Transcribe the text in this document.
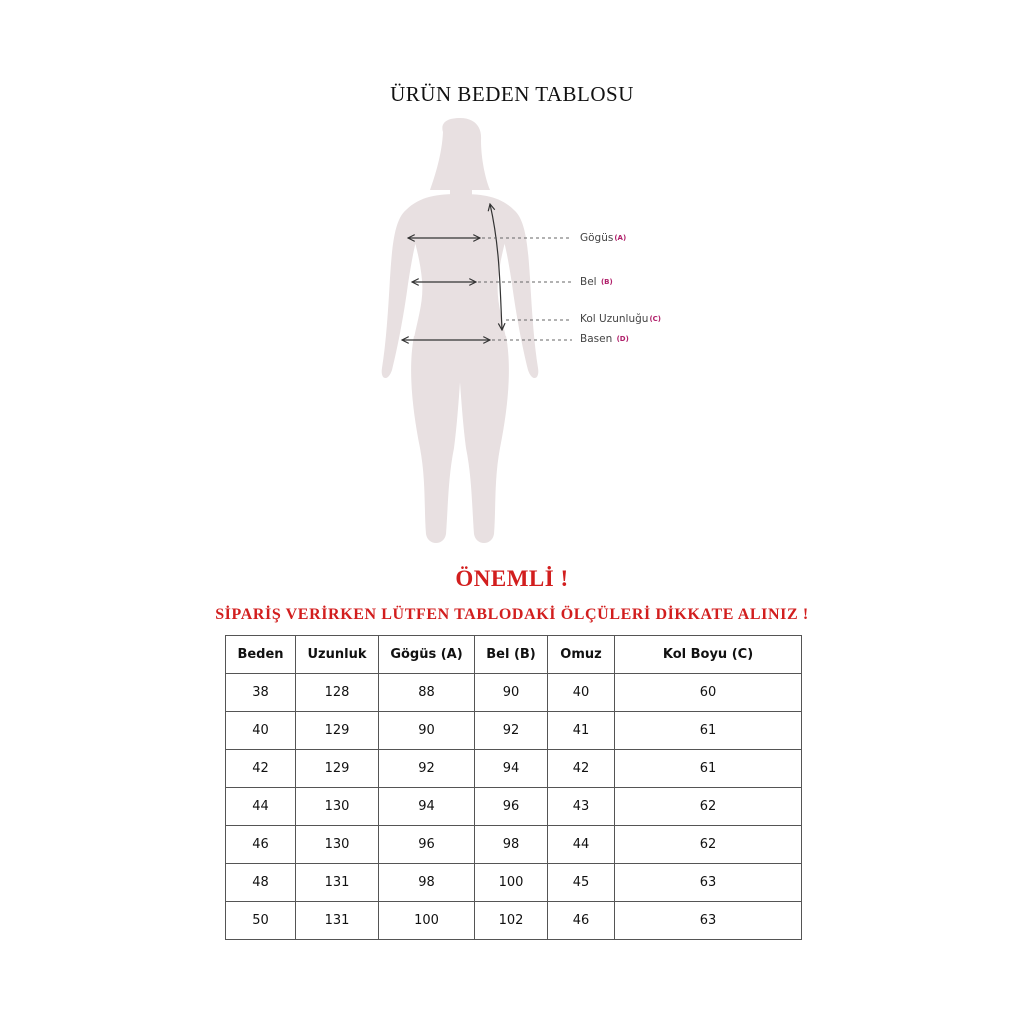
ÜRÜN BEDEN TABLOSU
Gögüs(A)
Bel (B)
Kol Uzunluğu(C)
Basen (D)
ÖNEMLİ !
SİPARİŞ VERİRKEN LÜTFEN TABLODAKİ ÖLÇÜLERİ DİKKATE ALINIZ !
Beden	Uzunluk	Gögüs (A)	Bel (B)	Omuz	Kol Boyu (C)
38	128	88	90	40	60
40	129	90	92	41	61
42	129	92	94	42	61
44	130	94	96	43	62
46	130	96	98	44	62
48	131	98	100	45	63
50	131	100	102	46	63
